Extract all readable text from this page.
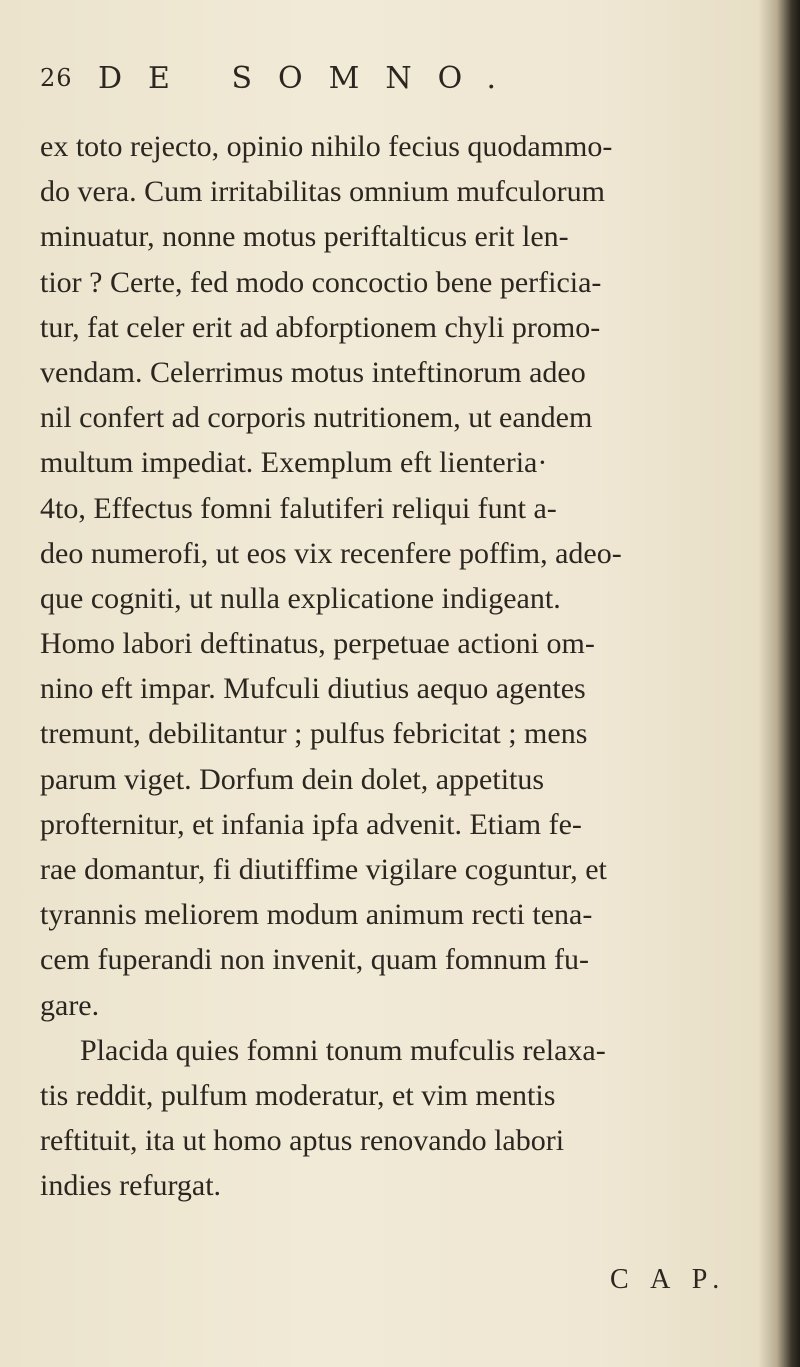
26 DE SOMNO.
ex toto rejecto, opinio nihilo fecius quodammo-
do vera. Cum irritabilitas omnium mufculorum
minuatur, nonne motus periftalticus erit len-
tior ? Certe, fed modo concoctio bene perficia-
tur, fat celer erit ad abforptionem chyli promo-
vendam. Celerrimus motus inteftinorum adeo
nil confert ad corporis nutritionem, ut eandem
multum impediat. Exemplum eft lienteria·
4to, Effectus fomni falutiferi reliqui funt a-
deo numerofi, ut eos vix recenfere poffim, adeo-
que cogniti, ut nulla explicatione indigeant.
Homo labori deftinatus, perpetuae actioni om-
nino eft impar. Mufculi diutius aequo agentes
tremunt, debilitantur ; pulfus febricitat ; mens
parum viget. Dorfum dein dolet, appetitus
profternitur, et infania ipfa advenit. Etiam fe-
rae domantur, fi diutiffime vigilare coguntur, et
tyrannis meliorem modum animum recti tena-
cem fuperandi non invenit, quam fomnum fu-
gare.
Placida quies fomni tonum mufculis relaxa-
tis reddit, pulfum moderatur, et vim mentis
reftituit, ita ut homo aptus renovando labori
indies refurgat.
C A P.
